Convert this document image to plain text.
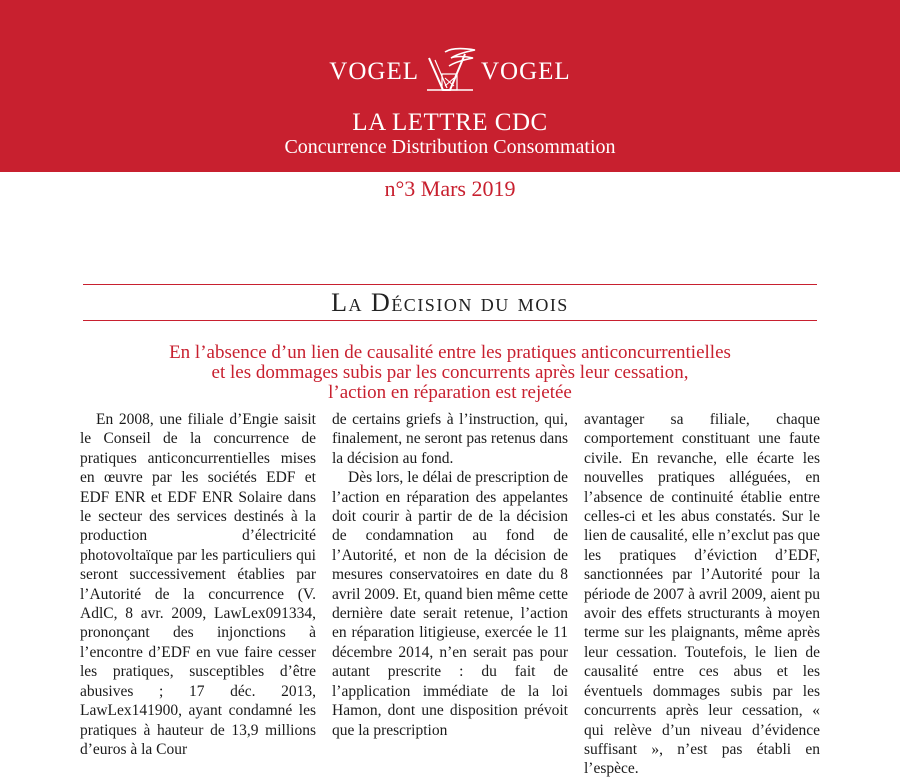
VOGEL VOGEL
LA LETTRE CDC
Concurrence Distribution Consommation
n°3 Mars 2019
La Décision du mois
En l’absence d’un lien de causalité entre les pratiques anticoncurrentielles
et les dommages subis par les concurrents après leur cessation,
l’action en réparation est rejetée

En 2008, une filiale d’Engie saisit le Conseil de la concurrence de pratiques anticoncurrentielles mises en œuvre par les sociétés EDF et EDF ENR et EDF ENR Solaire dans le secteur des services destinés à la production d’électricité photovoltaïque par les particuliers qui seront successivement établies par l’Autorité de la concurrence (V. AdlC, 8 avr. 2009, LawLex091334, prononçant des injonctions à l’encontre d’EDF en vue faire cesser les pratiques, susceptibles d’être abusives ; 17 déc. 2013, LawLex141900, ayant condamné les pratiques à hauteur de 13,9 millions d’euros à la Cour

de certains griefs à l’instruction, qui, finalement, ne seront pas retenus dans la décision au fond.

Dès lors, le délai de prescription de l’action en réparation des appelantes doit courir à partir de de la décision de condamnation au fond de l’Autorité, et non de la décision de mesures conservatoires en date du 8 avril 2009. Et, quand bien même cette dernière date serait retenue, l’action en réparation litigieuse, exercée le 11 décembre 2014, n’en serait pas pour autant prescrite : du fait de l’application immédiate de la loi Hamon, dont une disposition prévoit que la prescription

avantager sa filiale, chaque comportement constituant une faute civile. En revanche, elle écarte les nouvelles pratiques alléguées, en l’absence de continuité établie entre celles-ci et les abus constatés. Sur le lien de causalité, elle n’exclut pas que les pratiques d’éviction d’EDF, sanctionnées par l’Autorité pour la période de 2007 à avril 2009, aient pu avoir des effets structurants à moyen terme sur les plaignants, même après leur cessation. Toutefois, le lien de causalité entre ces abus et les éventuels dommages subis par les concurrents après leur cessation, « qui relève d’un niveau d’évidence suffisant », n’est pas établi en l’espèce.
